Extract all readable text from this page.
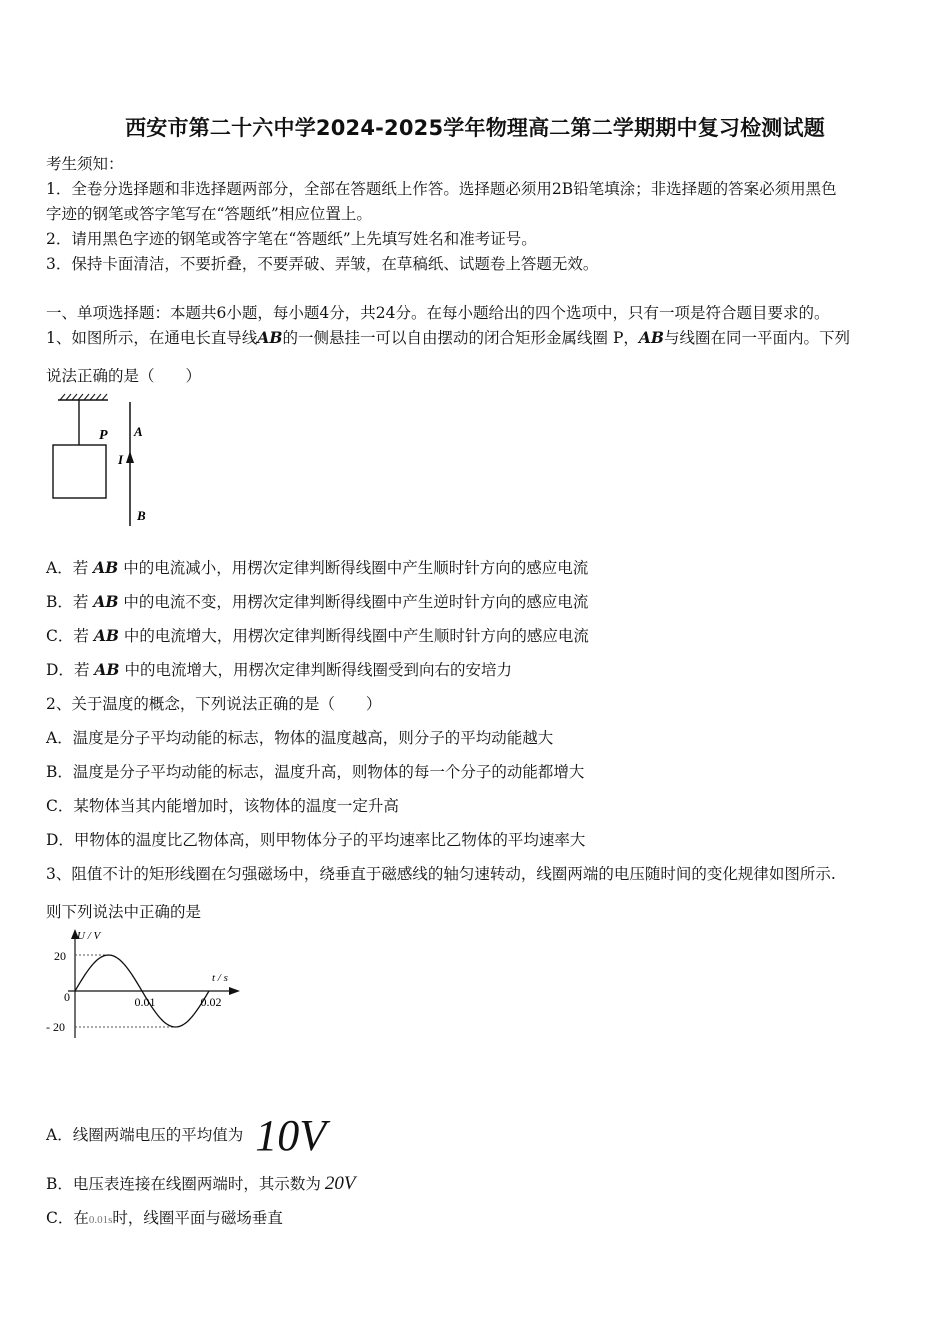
西安市第二十六中学2024-2025学年物理高二第二学期期中复习检测试题
考生须知：
1．全卷分选择题和非选择题两部分，全部在答题纸上作答。选择题必须用2B铅笔填涂；非选择题的答案必须用黑色
字迹的钢笔或答字笔写在“答题纸”相应位置上。
2．请用黑色字迹的钢笔或答字笔在“答题纸”上先填写姓名和准考证号。
3．保持卡面清洁，不要折叠，不要弄破、弄皱，在草稿纸、试题卷上答题无效。
一、单项选择题：本题共6小题，每小题4分，共24分。在每小题给出的四个选项中，只有一项是符合题目要求的。
1、如图所示，在通电长直导线AB的一侧悬挂一可以自由摆动的闭合矩形金属线圈 P，AB与线圈在同一平面内。下列
说法正确的是（　　）
P A
I
B
A．若 AB 中的电流减小，用楞次定律判断得线圈中产生顺时针方向的感应电流
B．若 AB 中的电流不变，用楞次定律判断得线圈中产生逆时针方向的感应电流
C．若 AB 中的电流增大，用楞次定律判断得线圈中产生顺时针方向的感应电流
D．若 AB 中的电流增大，用楞次定律判断得线圈受到向右的安培力
2、关于温度的概念，下列说法正确的是（　　）
A．温度是分子平均动能的标志，物体的温度越高，则分子的平均动能越大
B．温度是分子平均动能的标志，温度升高，则物体的每一个分子的动能都增大
C．某物体当其内能增加时，该物体的温度一定升高
D．甲物体的温度比乙物体高，则甲物体分子的平均速率比乙物体的平均速率大
3、阻值不计的矩形线圈在匀强磁场中，绕垂直于磁感线的轴匀速转动，线圈两端的电压随时间的变化规律如图所示.
则下列说法中正确的是
U / V
t / s
20
0
- 20
0.01	0.02
A．线圈两端电压的平均值为 10V
B．电压表连接在线圈两端时，其示数为 20V
C．在0.01s时，线圈平面与磁场垂直
